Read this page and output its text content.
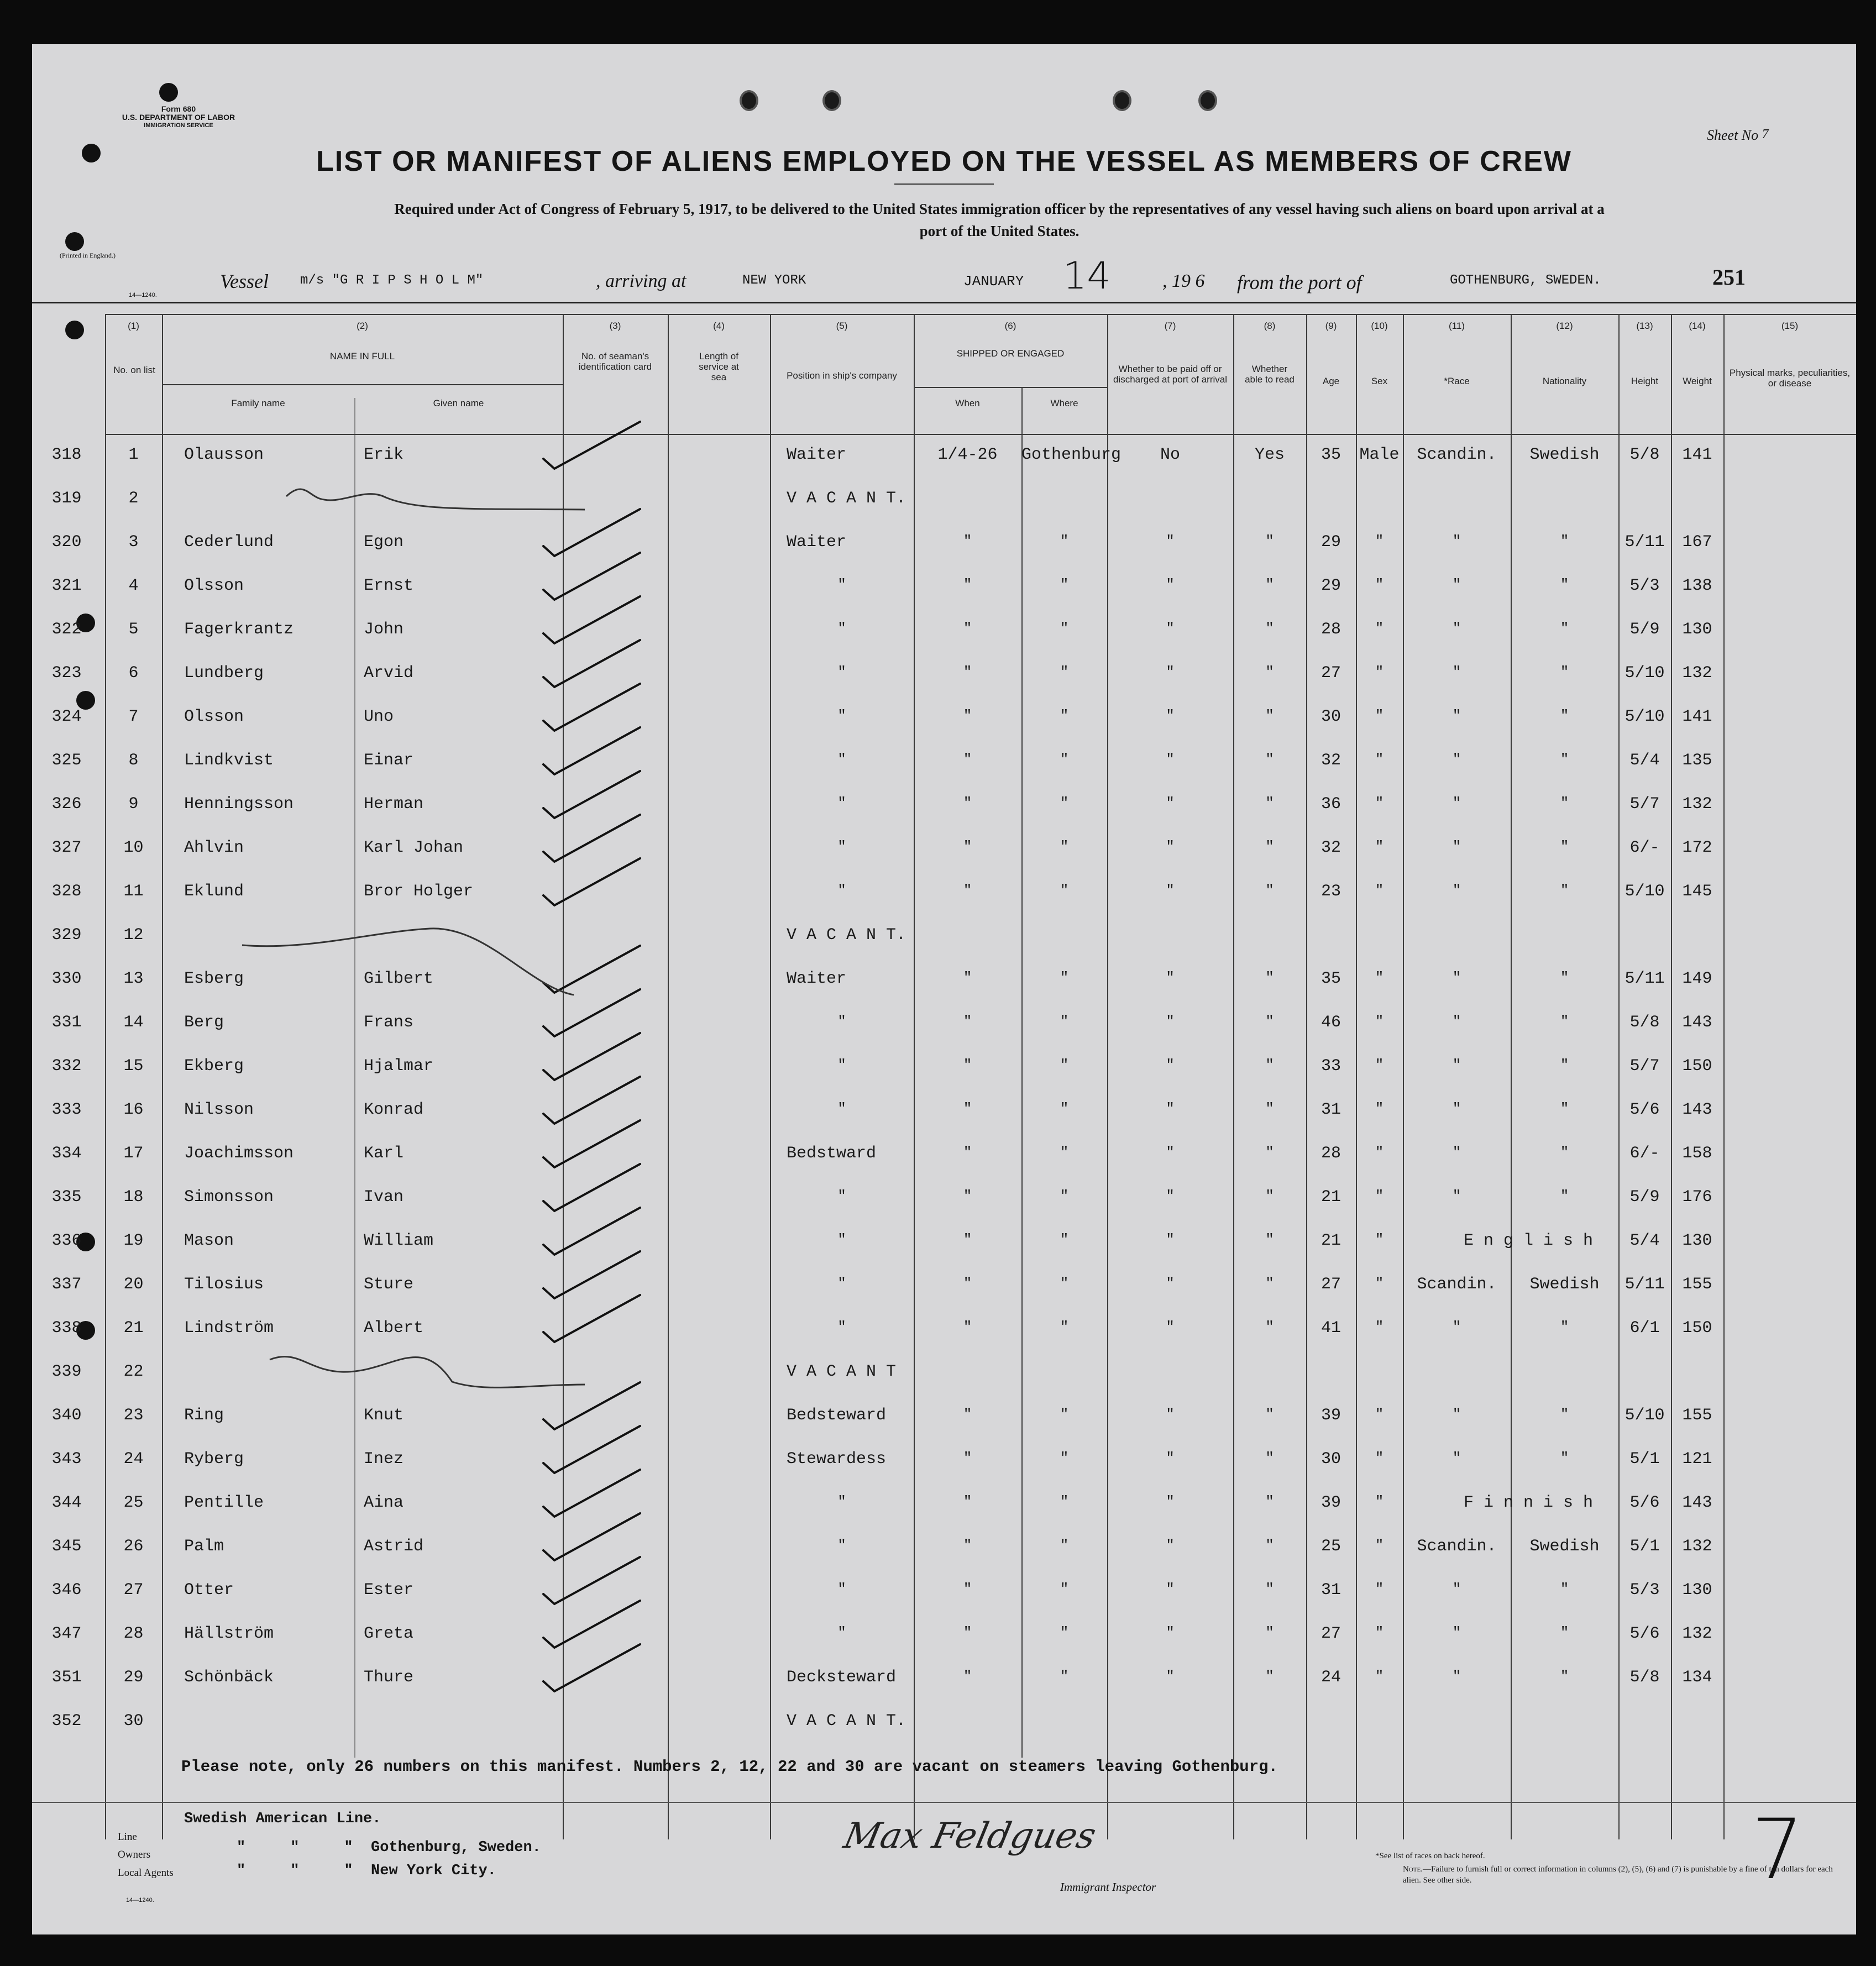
Form 680
U.S. DEPARTMENT OF LABOR
IMMIGRATION SERVICE
(Printed in England.)
14—1240.
Sheet No 7
LIST OR MANIFEST OF ALIENS EMPLOYED ON THE VESSEL AS MEMBERS OF CREW
Required under Act of Congress of February 5, 1917, to be delivered to the United States immigration officer by the representatives of any vessel having such aliens on board upon arrival at a
port of the United States.
Vessel m/s "G R I P S H O L M"	, arriving at	NEW YORK	JANUARY 14	, 19 6 from the port of	GOTHENBURG, SWEDEN.	251
(1)
No. on list
(2)
NAME IN FULL
Family name	Given name
(3)
No. of seaman's identification card
(4)
Length of service at sea
(5)
Position in ship's company
(6)
SHIPPED OR ENGAGED
When	Where
(7)
Whether to be paid off or discharged at port of arrival
(8)
Whether able to read
(9)
Age
(10)
Sex
(11)
*Race
(12)
Nationality
(13)
Height
(14)
Weight
(15)
Physical marks, peculiarities, or disease
318	1	Olausson	Erik	Waiter	1/4-26	Gothenburg	No	Yes	35	Male	Scandin.	Swedish	5/8	141
319	2	V A C A N T.
320	3	Cederlund	Egon	Waiter	"	"	"	"	29	"	"	"	5/11	167
321	4	Olsson	Ernst	"	"	"	"	"	29	"	"	"	5/3	138
322	5	Fagerkrantz	John	"	"	"	"	"	28	"	"	"	5/9	130
323	6	Lundberg	Arvid	"	"	"	"	"	27	"	"	"	5/10	132
324	7	Olsson	Uno	"	"	"	"	"	30	"	"	"	5/10	141
325	8	Lindkvist	Einar	"	"	"	"	"	32	"	"	"	5/4	135
326	9	Henningsson	Herman	"	"	"	"	"	36	"	"	"	5/7	132
327	10	Ahlvin	Karl Johan	"	"	"	"	"	32	"	"	"	6/-	172
328	11	Eklund	Bror Holger	"	"	"	"	"	23	"	"	"	5/10	145
329	12	V A C A N T.
330	13	Esberg	Gilbert	Waiter	"	"	"	"	35	"	"	"	5/11	149
331	14	Berg	Frans	"	"	"	"	"	46	"	"	"	5/8	143
332	15	Ekberg	Hjalmar	"	"	"	"	"	33	"	"	"	5/7	150
333	16	Nilsson	Konrad	"	"	"	"	"	31	"	"	"	5/6	143
334	17	Joachimsson	Karl	Bedstward	"	"	"	"	28	"	"	"	6/-	158
335	18	Simonsson	Ivan	"	"	"	"	"	21	"	"	"	5/9	176
336	19	Mason	William	"	"	"	"	"	21	"	E n g l i s h	5/4	130
337	20	Tilosius	Sture	"	"	"	"	"	27	"	Scandin.	Swedish	5/11	155
338	21	Lindström	Albert	"	"	"	"	"	41	"	"	"	6/1	150
339	22	V A C A N T
340	23	Ring	Knut	Bedsteward	"	"	"	"	39	"	"	"	5/10	155
343	24	Ryberg	Inez	Stewardess	"	"	"	"	30	"	"	"	5/1	121
344	25	Pentille	Aina	"	"	"	"	"	39	"	F i n n i s h	5/6	143
345	26	Palm	Astrid	"	"	"	"	"	25	"	Scandin.	Swedish	5/1	132
346	27	Otter	Ester	"	"	"	"	"	31	"	"	"	5/3	130
347	28	Hällström	Greta	"	"	"	"	"	27	"	"	"	5/6	132
351	29	Schönbäck	Thure	Decksteward	"	"	"	"	24	"	"	"	5/8	134
352	30	V A C A N T.
Please note, only 26 numbers on this manifest. Numbers 2, 12, 22 and 30 are vacant on steamers leaving Gothenburg.
Line
Owners
Local Agents
Swedish American Line.
"     "     "  Gothenburg, Sweden.
"     "     "  New York City.
14—1240.
Max Feldgues
Immigrant Inspector
*See list of races on back hereof.
Note.—Failure to furnish full or correct information in columns (2), (5), (6) and (7) is punishable by a fine of ten dollars for each alien. See other side.	7
